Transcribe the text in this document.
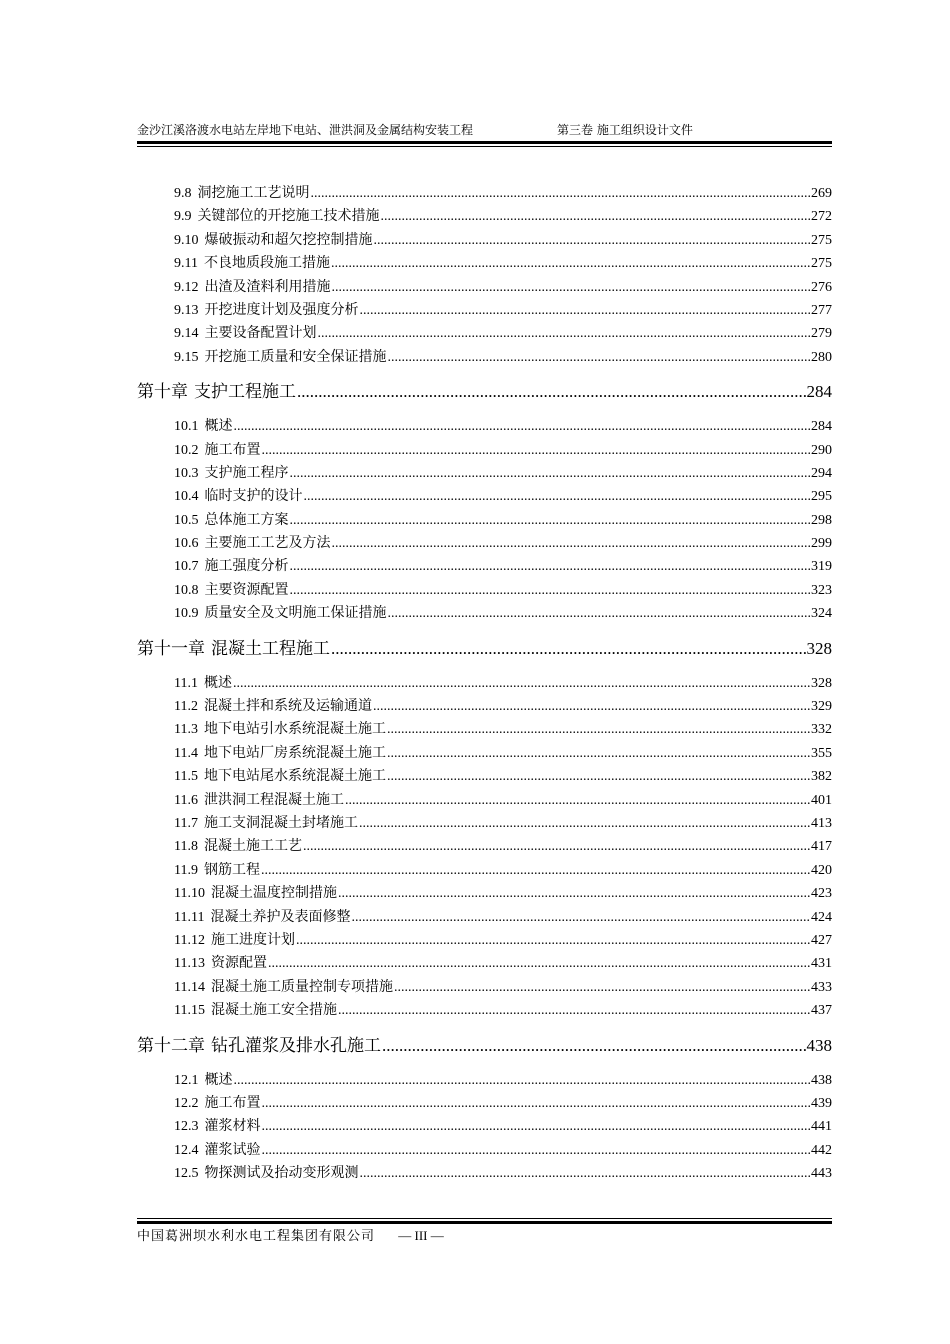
金沙江溪洛渡水电站左岸地下电站、泄洪洞及金属结构安装工程	第三卷 施工组织设计文件
9.8 洞挖施工工艺说明 .....	269
9.9 关键部位的开挖施工技术措施 .....	272
9.10 爆破振动和超欠挖控制措施 .....	275
9.11 不良地质段施工措施 .....	275
9.12 出渣及渣料利用措施 .....	276
9.13 开挖进度计划及强度分析 .....	277
9.14 主要设备配置计划 .....	279
9.15 开挖施工质量和安全保证措施 .....	280
第十章 支护工程施工 .....	284
10.1 概述 .....	284
10.2 施工布置 .....	290
10.3 支护施工程序 .....	294
10.4 临时支护的设计 .....	295
10.5 总体施工方案 .....	298
10.6 主要施工工艺及方法 .....	299
10.7 施工强度分析 .....	319
10.8 主要资源配置 .....	323
10.9 质量安全及文明施工保证措施 .....	324
第十一章 混凝土工程施工 .....	328
11.1 概述 .....	328
11.2 混凝土拌和系统及运输通道 .....	329
11.3 地下电站引水系统混凝土施工 .....	332
11.4 地下电站厂房系统混凝土施工 .....	355
11.5 地下电站尾水系统混凝土施工 .....	382
11.6 泄洪洞工程混凝土施工 .....	401
11.7 施工支洞混凝土封堵施工 .....	413
11.8 混凝土施工工艺 .....	417
11.9 钢筋工程 .....	420
11.10 混凝土温度控制措施 .....	423
11.11 混凝土养护及表面修整 .....	424
11.12 施工进度计划 .....	427
11.13 资源配置 .....	431
11.14 混凝土施工质量控制专项措施 .....	433
11.15 混凝土施工安全措施 .....	437
第十二章 钻孔灌浆及排水孔施工 .....	438
12.1 概述 .....	438
12.2 施工布置 .....	439
12.3 灌浆材料 .....	441
12.4 灌浆试验 .....	442
12.5 物探测试及抬动变形观测 .....	443
中国葛洲坝水利水电工程集团有限公司 — III —
